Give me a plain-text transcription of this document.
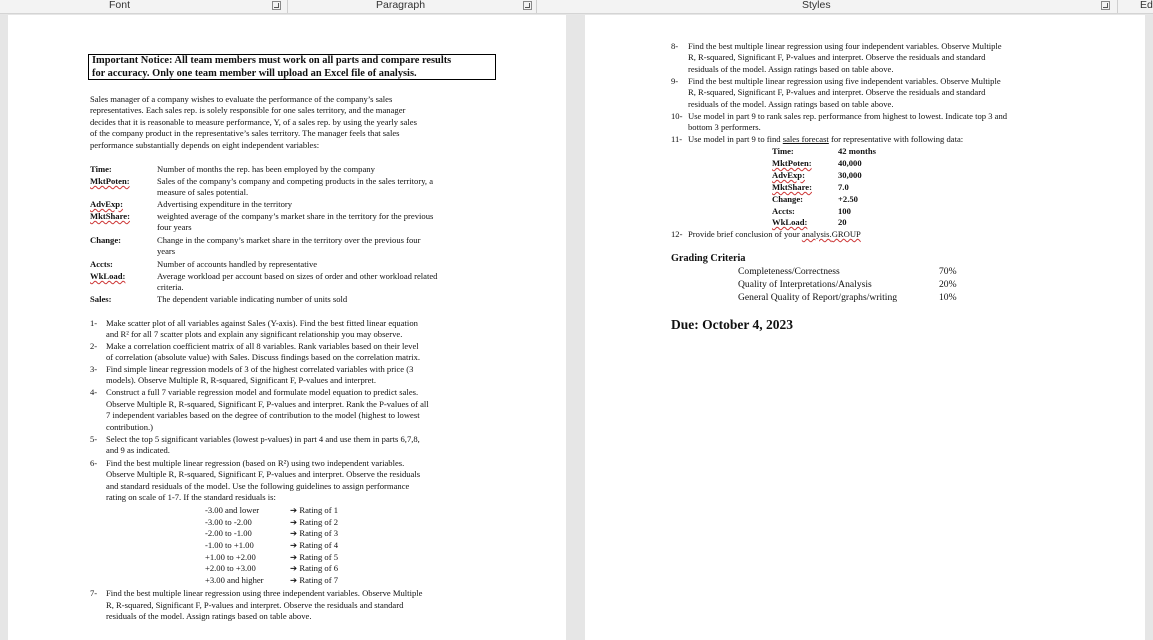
Font	Paragraph	Styles	Ed
Important Notice: All team members must work on all parts and compare results
for accuracy. Only one team member will upload an Excel file of analysis.
Sales manager of a company wishes to evaluate the performance of the company’s sales
representatives. Each sales rep. is solely responsible for one sales territory, and the manager
decides that it is reasonable to measure performance, Y, of a sales rep. by using the yearly sales
of the company product in the representative’s sales territory. The manager feels that sales
performance substantially depends on eight independent variables:
Time:	Number of months the rep. has been employed by the company
MktPoten:	Sales of the company’s company and competing products in the sales territory, a
measure of sales potential.
AdvExp:	Advertising expenditure in the territory
MktShare:	weighted average of the company’s market share in the territory for the previous
four years
Change:	Change in the company’s market share in the territory over the previous four
years
Accts:	Number of accounts handled by representative
WkLoad:	Average workload per account based on sizes of order and other workload related
criteria.
Sales:	The dependent variable indicating number of units sold
1- Make scatter plot of all variables against Sales (Y-axis). Find the best fitted linear equation
and R² for all 7 scatter plots and explain any significant relationship you may observe.
2- Make a correlation coefficient matrix of all 8 variables. Rank variables based on their level
of correlation (absolute value) with Sales. Discuss findings based on the correlation matrix.
3- Find simple linear regression models of 3 of the highest correlated variables with price (3
models). Observe Multiple R, R-squared, Significant F, P-values and interpret.
4- Construct a full 7 variable regression model and formulate model equation to predict sales.
Observe Multiple R, R-squared, Significant F, P-values and interpret. Rank the P-values of all
7 independent variables based on the degree of contribution to the model (highest to lowest
contribution.)
5- Select the top 5 significant variables (lowest p-values) in part 4 and use them in parts 6,7,8,
and 9 as indicated.
6- Find the best multiple linear regression (based on R²) using two independent variables.
Observe Multiple R, R-squared, Significant F, P-values and interpret. Observe the residuals
and standard residuals of the model. Use the following guidelines to assign performance
rating on scale of 1-7. If the standard residuals is:
-3.00 and lower	➔ Rating of 1
-3.00 to -2.00	➔ Rating of 2
-2.00 to -1.00	➔ Rating of 3
-1.00 to +1.00	➔ Rating of 4
+1.00 to +2.00	➔ Rating of 5
+2.00 to +3.00	➔ Rating of 6
+3.00 and higher	➔ Rating of 7
7- Find the best multiple linear regression using three independent variables. Observe Multiple
R, R-squared, Significant F, P-values and interpret. Observe the residuals and standard
residuals of the model. Assign ratings based on table above.
8- Find the best multiple linear regression using four independent variables. Observe Multiple
R, R-squared, Significant F, P-values and interpret. Observe the residuals and standard
residuals of the model. Assign ratings based on table above.
9- Find the best multiple linear regression using five independent variables. Observe Multiple
R, R-squared, Significant F, P-values and interpret. Observe the residuals and standard
residuals of the model. Assign ratings based on table above.
10- Use model in part 9 to rank sales rep. performance from highest to lowest. Indicate top 3 and
bottom 3 performers.
11- Use model in part 9 to find sales forecast for representative with following data:
Time:	42 months
MktPoten:	40,000
AdvExp:	30,000
MktShare:	7.0
Change:	+2.50
Accts:	100
WkLoad:	20
12- Provide brief conclusion of your analysis.GROUP
Grading Criteria
Completeness/Correctness	70%
Quality of Interpretations/Analysis	20%
General Quality of Report/graphs/writing	10%
Due: October 4, 2023
